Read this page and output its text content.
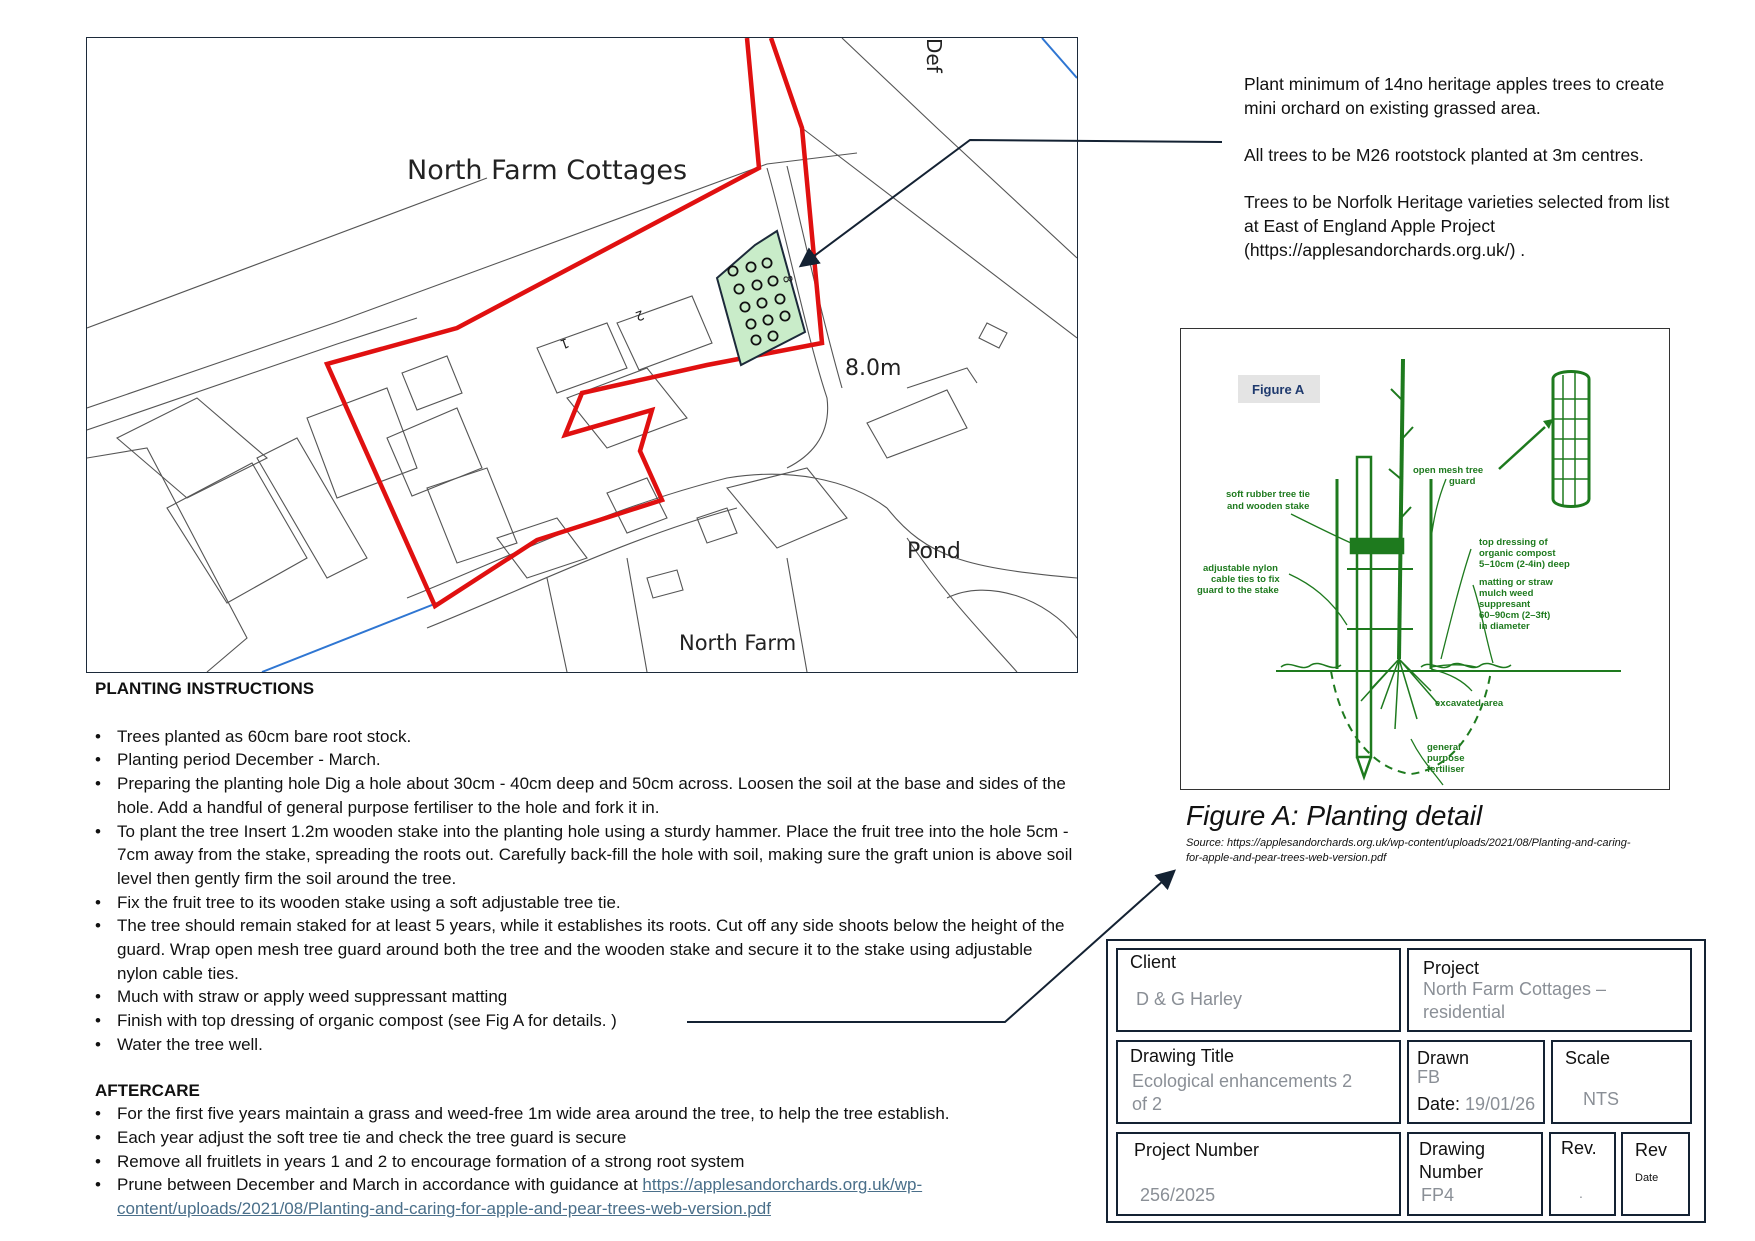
North Farm Cottages
8.0m
Pond
North Farm
Def
1
2
8

Plant minimum of 14no heritage apples trees to create mini orchard on existing grassed area.

All trees to be M26 rootstock planted at 3m centres.

Trees to be Norfolk Heritage varieties selected from list at East of England Apple Project (https://applesandorchards.org.uk/) .

Figure A
soft rubber tree tie
and wooden stake
adjustable nylon
cable ties to fix
guard to the stake
open mesh tree
guard
top dressing of
organic compost
5–10cm (2-4in) deep
matting or straw
mulch weed
suppresant
60–90cm (2–3ft)
in diameter
excavated area
general
purpose
fertiliser
Figure A: Planting detail
Source: https://applesandorchards.org.uk/wp-content/uploads/2021/08/Planting-and-caring-for-apple-and-pear-trees-web-version.pdf
PLANTING INSTRUCTIONS
• Trees planted as 60cm bare root stock.
• Planting period December - March.
• Preparing the planting hole Dig a hole about 30cm - 40cm deep and 50cm across. Loosen the soil at the base and sides of the hole. Add a handful of general purpose fertiliser to the hole and fork it in.
• To plant the tree Insert 1.2m wooden stake into the planting hole using a sturdy hammer. Place the fruit tree into the hole 5cm - 7cm away from the stake, spreading the roots out. Carefully back-fill the hole with soil, making sure the graft union is above soil level then gently firm the soil around the tree.
• Fix the fruit tree to its wooden stake using a soft adjustable tree tie.
• The tree should remain staked for at least 5 years, while it establishes its roots. Cut off any side shoots below the height of the guard. Wrap open mesh tree guard around both the tree and the wooden stake and secure it to the stake using adjustable nylon cable ties.
• Much with straw or apply weed suppressant matting
• Finish with top dressing of organic compost (see Fig A for details. )
• Water the tree well.
AFTERCARE
• For the first five years maintain a grass and weed-free 1m wide area around the tree, to help the tree establish.
• Each year adjust the soft tree tie and check the tree guard is secure
• Remove all fruitlets in years 1 and 2 to encourage formation of a strong root system
• Prune between December and March in accordance with guidance at https://applesandorchards.org.uk/wp-content/uploads/2021/08/Planting-and-caring-for-apple-and-pear-trees-web-version.pdf
Client
D & G Harley
Project
North Farm Cottages – residential
Drawing Title
Ecological enhancements 2 of 2
Drawn
FB
Date: 19/01/26
Scale
NTS
Project Number
256/2025
Drawing Number
FP4
Rev.
.
Rev
Date
